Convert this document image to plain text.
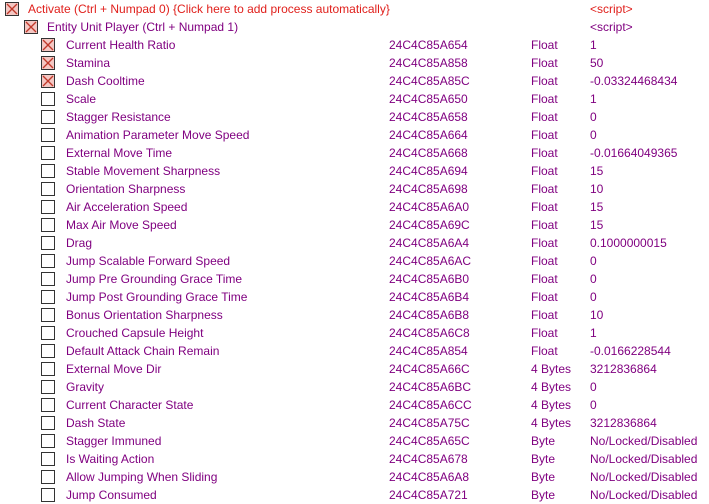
Activate (Ctrl + Numpad 0) {Click here to add process automatically}	<script>
Entity Unit Player (Ctrl + Numpad 1)	<script>
Current Health Ratio	24C4C85A654	Float	1
Stamina	24C4C85A858	Float	50
Dash Cooltime	24C4C85A85C	Float	-0.03324468434
Scale	24C4C85A650	Float	1
Stagger Resistance	24C4C85A658	Float	0
Animation Parameter Move Speed	24C4C85A664	Float	0
External Move Time	24C4C85A668	Float	-0.01664049365
Stable Movement Sharpness	24C4C85A694	Float	15
Orientation Sharpness	24C4C85A698	Float	10
Air Acceleration Speed	24C4C85A6A0	Float	15
Max Air Move Speed	24C4C85A69C	Float	15
Drag	24C4C85A6A4	Float	0.1000000015
Jump Scalable Forward Speed	24C4C85A6AC	Float	0
Jump Pre Grounding Grace Time	24C4C85A6B0	Float	0
Jump Post Grounding Grace Time	24C4C85A6B4	Float	0
Bonus Orientation Sharpness	24C4C85A6B8	Float	10
Crouched Capsule Height	24C4C85A6C8	Float	1
Default Attack Chain Remain	24C4C85A854	Float	-0.0166228544
External Move Dir	24C4C85A66C	4 Bytes 3212836864
Gravity	24C4C85A6BC	4 Bytes 0
Current Character State	24C4C85A6CC	4 Bytes 0
Dash State	24C4C85A75C	4 Bytes 3212836864
Stagger Immuned	24C4C85A65C	Byte	No/Locked/Disabled
Is Waiting Action	24C4C85A678	Byte	No/Locked/Disabled
Allow Jumping When Sliding	24C4C85A6A8	Byte	No/Locked/Disabled
Jump Consumed	24C4C85A721	Byte	No/Locked/Disabled
